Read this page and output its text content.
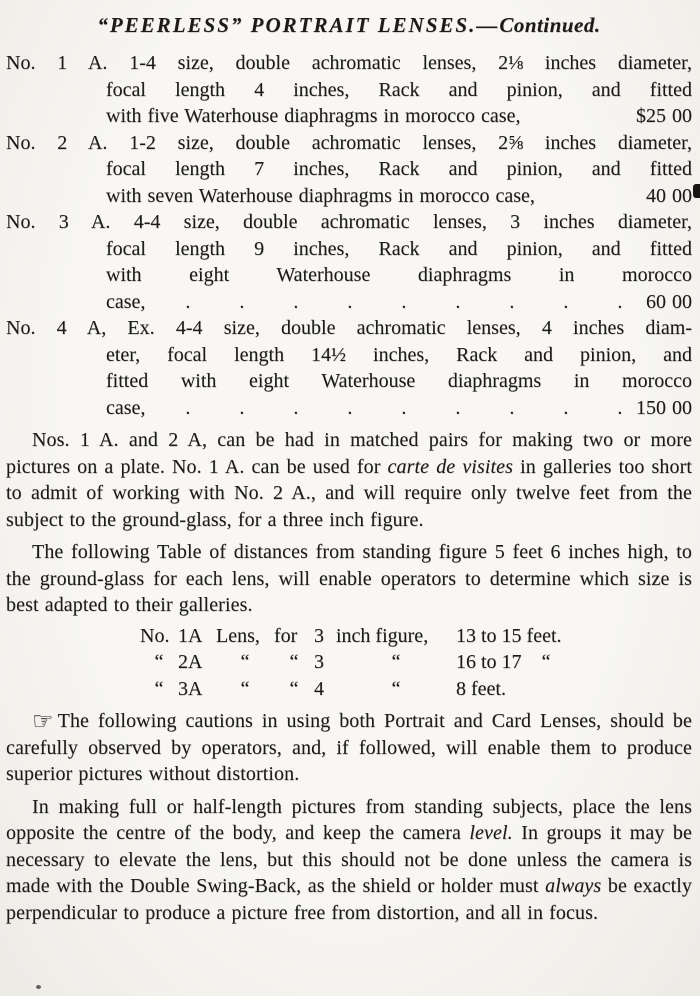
“PEERLESS” PORTRAIT LENSES.—Continued.
No. 1 A. 1-4 size, double achromatic lenses, 2⅛ inches diameter,
focal length 4 inches, Rack and pinion, and fitted
with five Waterhouse diaphragms in morocco case,	$25 00
No. 2 A. 1-2 size, double achromatic lenses, 2⅝ inches diameter,
focal length 7 inches, Rack and pinion, and fitted
with seven Waterhouse diaphragms in morocco case,	40 00
No. 3 A. 4-4 size, double achromatic lenses, 3 inches diameter,
focal length 9 inches, Rack and pinion, and fitted
with eight Waterhouse diaphragms in morocco
case,	. . . . . . . . .	60 00
No. 4 A, Ex. 4-4 size, double achromatic lenses, 4 inches diam-
eter, focal length 14½ inches, Rack and pinion, and
fitted with eight Waterhouse diaphragms in morocco
case,	. . . . . . . . . 150 00
Nos. 1 A. and 2 A, can be had in matched pairs for making two or more pictures on a plate. No. 1 A. can be used for carte de visites in galleries too short to admit of working with No. 2 A., and will require only twelve feet from the subject to the ground-glass, for a three inch figure.
The following Table of distances from standing figure 5 feet 6 inches high, to the ground-glass for each lens, will enable operators to determine which size is best adapted to their galleries.
No.	1A	Lens,	for	3	inch figure,	13 to 15 feet.
“	2A	“	“	3	“	16 to 17    “
“	3A	“	“	4	“	8 feet.
☞ The following cautions in using both Portrait and Card Lenses, should be carefully observed by operators, and, if followed, will enable them to produce superior pictures without distortion.
In making full or half-length pictures from standing subjects, place the lens opposite the centre of the body, and keep the camera level. In groups it may be necessary to elevate the lens, but this should not be done unless the camera is made with the Double Swing-Back, as the shield or holder must always be exactly perpendicular to produce a picture free from distortion, and all in focus.
